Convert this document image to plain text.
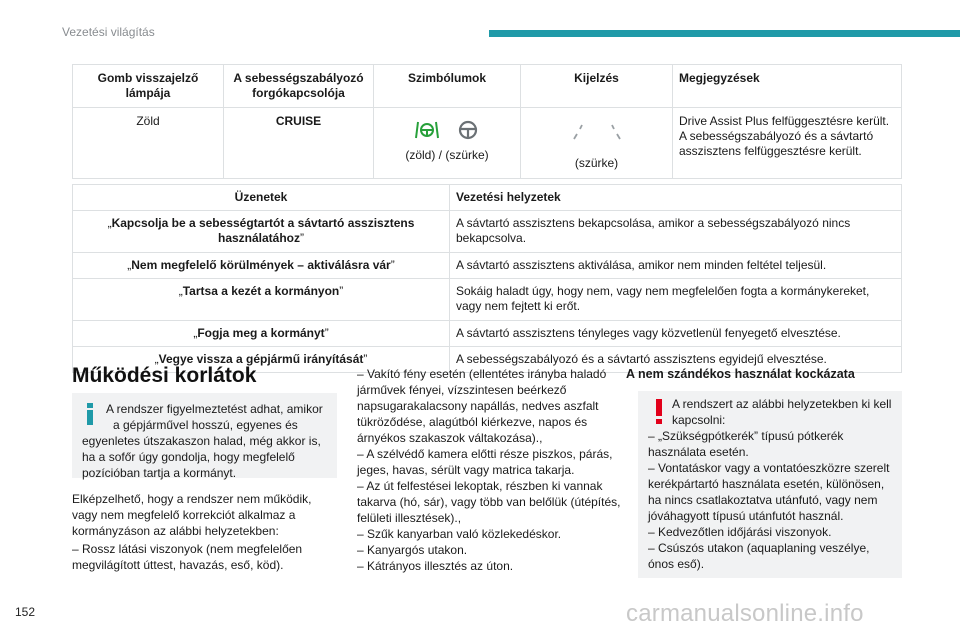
Vezetési világítás
Gomb visszajelző lámpája	A sebességszabályozó forgókapcsolója	Szimbólumok	Kijelzés	Megjegyzések
Zöld	CRUISE	(zöld) / (szürke)	(szürke)	Drive Assist Plus felfüggesztésre került.
A sebességszabályozó és a sávtartó asszisztens felfüggesztésre került.
Üzenetek	Vezetési helyzetek
„Kapcsolja be a sebességtartót a sávtartó asszisztens használatához”	A sávtartó asszisztens bekapcsolása, amikor a sebességszabályozó nincs bekapcsolva.
„Nem megfelelő körülmények – aktiválásra vár”	A sávtartó asszisztens aktiválása, amikor nem minden feltétel teljesül.
„Tartsa a kezét a kormányon”	Sokáig haladt úgy, hogy nem, vagy nem megfelelően fogta a kormánykereket, vagy nem fejtett ki erőt.
„Fogja meg a kormányt”	A sávtartó asszisztens tényleges vagy közvetlenül fenyegető elvesztése.
„Vegye vissza a gépjármű irányítását”	A sebességszabályozó és a sávtartó asszisztens egyidejű elvesztése.
Működési korlátok
A rendszer figyelmeztetést adhat, amikor
a gépjárművel hosszú, egyenes és
egyenletes útszakaszon halad, még akkor is, ha a sofőr úgy gondolja, hogy megfelelő pozícióban tartja a kormányt.
Elképzelhető, hogy a rendszer nem működik, vagy nem megfelelő korrekciót alkalmaz a kormányzáson az alábbi helyzetekben:
– Rossz látási viszonyok (nem megfelelően megvilágított úttest, havazás, eső, köd).
– Vakító fény esetén (ellentétes irányba haladó járművek fényei, vízszintesen beérkező napsugarakalacsony napállás, nedves aszfalt tükröződése, alagútból kiérkezve, napos és árnyékos szakaszok váltakozása).,
– A szélvédő kamera előtti része piszkos, párás, jeges, havas, sérült vagy matrica takarja.
– Az út felfestései lekoptak, részben ki vannak takarva (hó, sár), vagy több van belőlük (útépítés, felületi illesztések).,
– Szűk kanyarban való közlekedéskor.
– Kanyargós utakon.
– Kátrányos illesztés az úton.
A nem szándékos használat kockázata
A rendszert az alábbi helyzetekben ki kell
kapcsolni:
– „Szükségpótkerék” típusú pótkerék használata esetén.
– Vontatáskor vagy a vontatóeszközre szerelt kerékpártartó használata esetén, különösen, ha nincs csatlakoztatva utánfutó, vagy nem jóváhagyott típusú utánfutót használ.
– Kedvezőtlen időjárási viszonyok.
– Csúszós utakon (aquaplaning veszélye, ónos eső).
152	carmanualsonline.info
